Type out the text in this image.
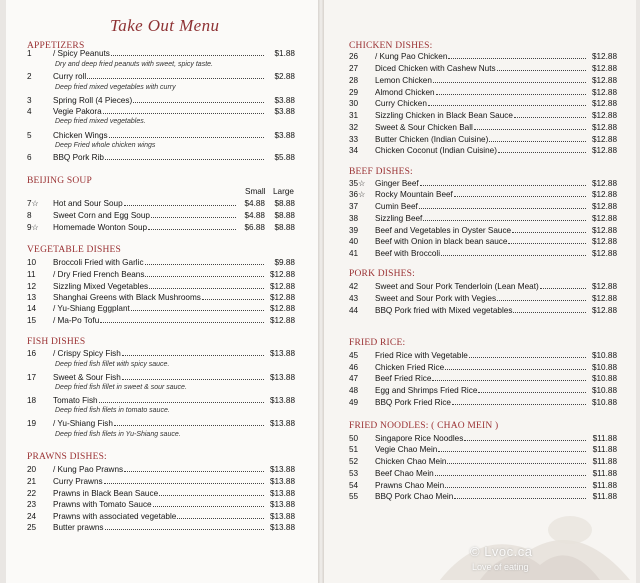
Take Out Menu
APPETIZERS
1	/ Spicy Peanuts	$1.88
Dry and deep fried peanuts with sweet, spicy taste.
2	Curry roll	$2.88
Deep fried mixed vegetables with curry
3	Spring Roll (4 Pieces)	$3.88
4	Vegie Pakora	$3.88
Deep fried mixed vegetables.
5	Chicken Wings	$3.88
Deep Fried whole chicken wings
6	BBQ Pork Rib	$5.88
BEIJING SOUP
Small Large
7☆	Hot and Sour Soup	$4.88	$8.88
8	Sweet Corn and Egg Soup	$4.88	$8.88
9☆	Homemade Wonton Soup	$6.88	$8.88
VEGETABLE DISHES
10	Broccoli Fried with Garlic	$9.88
11	/ Dry Fried French Beans	$12.88
12	Sizzling Mixed Vegetables	$12.88
13	Shanghai Greens with Black Mushrooms	$12.88
14	/ Yu-Shiang Eggplant	$12.88
15	/ Ma-Po Tofu	$12.88
FISH DISHES
16	/ Crispy Spicy Fish	$13.88
Deep fried fish fillet with spicy sauce.
17	Sweet & Sour Fish	$13.88
Deep fried fish fillet in sweet & sour sauce.
18	Tomato Fish	$13.88
Deep fried fish filets in tomato sauce.
19	/ Yu-Shiang Fish	$13.88
Deep fried fish filets in Yu-Shiang sauce.
PRAWNS DISHES:
20	/ Kung Pao Prawns	$13.88
21	Curry Prawns	$13.88
22	Prawns in Black Bean Sauce	$13.88
23	Prawns with Tomato Sauce	$13.88
24	Prawns with associated vegetable	$13.88
25	Butter prawns	$13.88
CHICKEN DISHES:
26	/ Kung Pao Chicken	$12.88
27	Diced Chicken with Cashew Nuts	$12.88
28	Lemon Chicken	$12.88
29	Almond Chicken	$12.88
30	Curry Chicken	$12.88
31	Sizzling Chicken in Black Bean Sauce	$12.88
32	Sweet & Sour Chicken Ball	$12.88
33	Butter Chicken (Indian Cuisine)	$12.88
34	Chicken Coconut (Indian Cuisine)	$12.88
BEEF DISHES:
35☆	Ginger Beef	$12.88
36☆	Rocky Mountain Beef	$12.88
37	Cumin Beef	$12.88
38	Sizzling Beef	$12.88
39	Beef and Vegetables in Oyster Sauce	$12.88
40	Beef with Onion in black bean sauce	$12.88
41	Beef with Broccoli	$12.88
PORK DISHES:
42	Sweet and Sour Pork Tenderloin (Lean Meat)	$12.88
43	Sweet and Sour Pork with Vegies	$12.88
44	BBQ Pork fried with Mixed vegetables	$12.88
FRIED RICE:
45	Fried Rice with Vegetable	$10.88
46	Chicken Fried Rice	$10.88
47	Beef Fried Rice	$10.88
48	Egg and Shrimps Fried Rice	$10.88
49	BBQ Pork Fried Rice	$10.88
FRIED NOODLES: ( CHAO MEIN )
50	Singapore Rice Noodles	$11.88
51	Vegie Chao Mein	$11.88
52	Chicken Chao Mein	$11.88
53	Beef Chao Mein	$11.88
54	Prawns Chao Mein	$11.88
55	BBQ Pork Chao Mein	$11.88
© Lvoc.ca
Love of eating
